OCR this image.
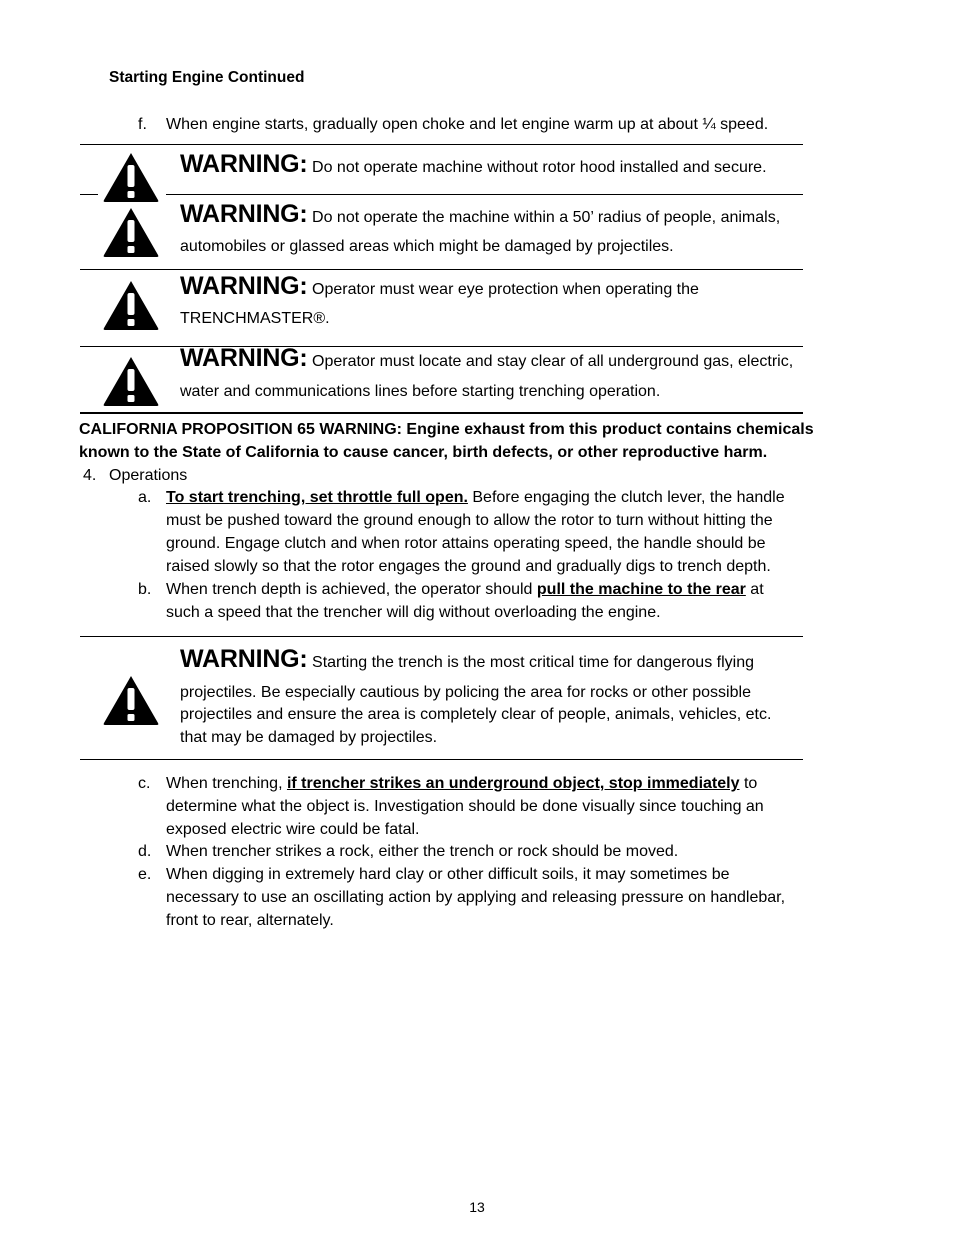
Starting Engine Continued
f. When engine starts, gradually open choke and let engine warm up at about ¼ speed.
WARNING: Do not operate machine without rotor hood installed and secure.
WARNING: Do not operate the machine within a 50’ radius of people, animals,
automobiles or glassed areas which might be damaged by projectiles.
WARNING: Operator must wear eye protection when operating the
TRENCHMASTER®.
WARNING: Operator must locate and stay clear of all underground gas, electric,
water and communications lines before starting trenching operation.
CALIFORNIA PROPOSITION 65 WARNING: Engine exhaust from this product contains chemicals
known to the State of California to cause cancer, birth defects, or other reproductive harm.
4. Operations
a. To start trenching, set throttle full open. Before engaging the clutch lever, the handle
must be pushed toward the ground enough to allow the rotor to turn without hitting the
ground. Engage clutch and when rotor attains operating speed, the handle should be
raised slowly so that the rotor engages the ground and gradually digs to trench depth.
b. When trench depth is achieved, the operator should pull the machine to the rear at
such a speed that the trencher will dig without overloading the engine.
WARNING: Starting the trench is the most critical time for dangerous flying
projectiles. Be especially cautious by policing the area for rocks or other possible
projectiles and ensure the area is completely clear of people, animals, vehicles, etc.
that may be damaged by projectiles.
c. When trenching, if trencher strikes an underground object, stop immediately to
determine what the object is. Investigation should be done visually since touching an
exposed electric wire could be fatal.
d. When trencher strikes a rock, either the trench or rock should be moved.
e. When digging in extremely hard clay or other difficult soils, it may sometimes be
necessary to use an oscillating action by applying and releasing pressure on handlebar,
front to rear, alternately.
13
